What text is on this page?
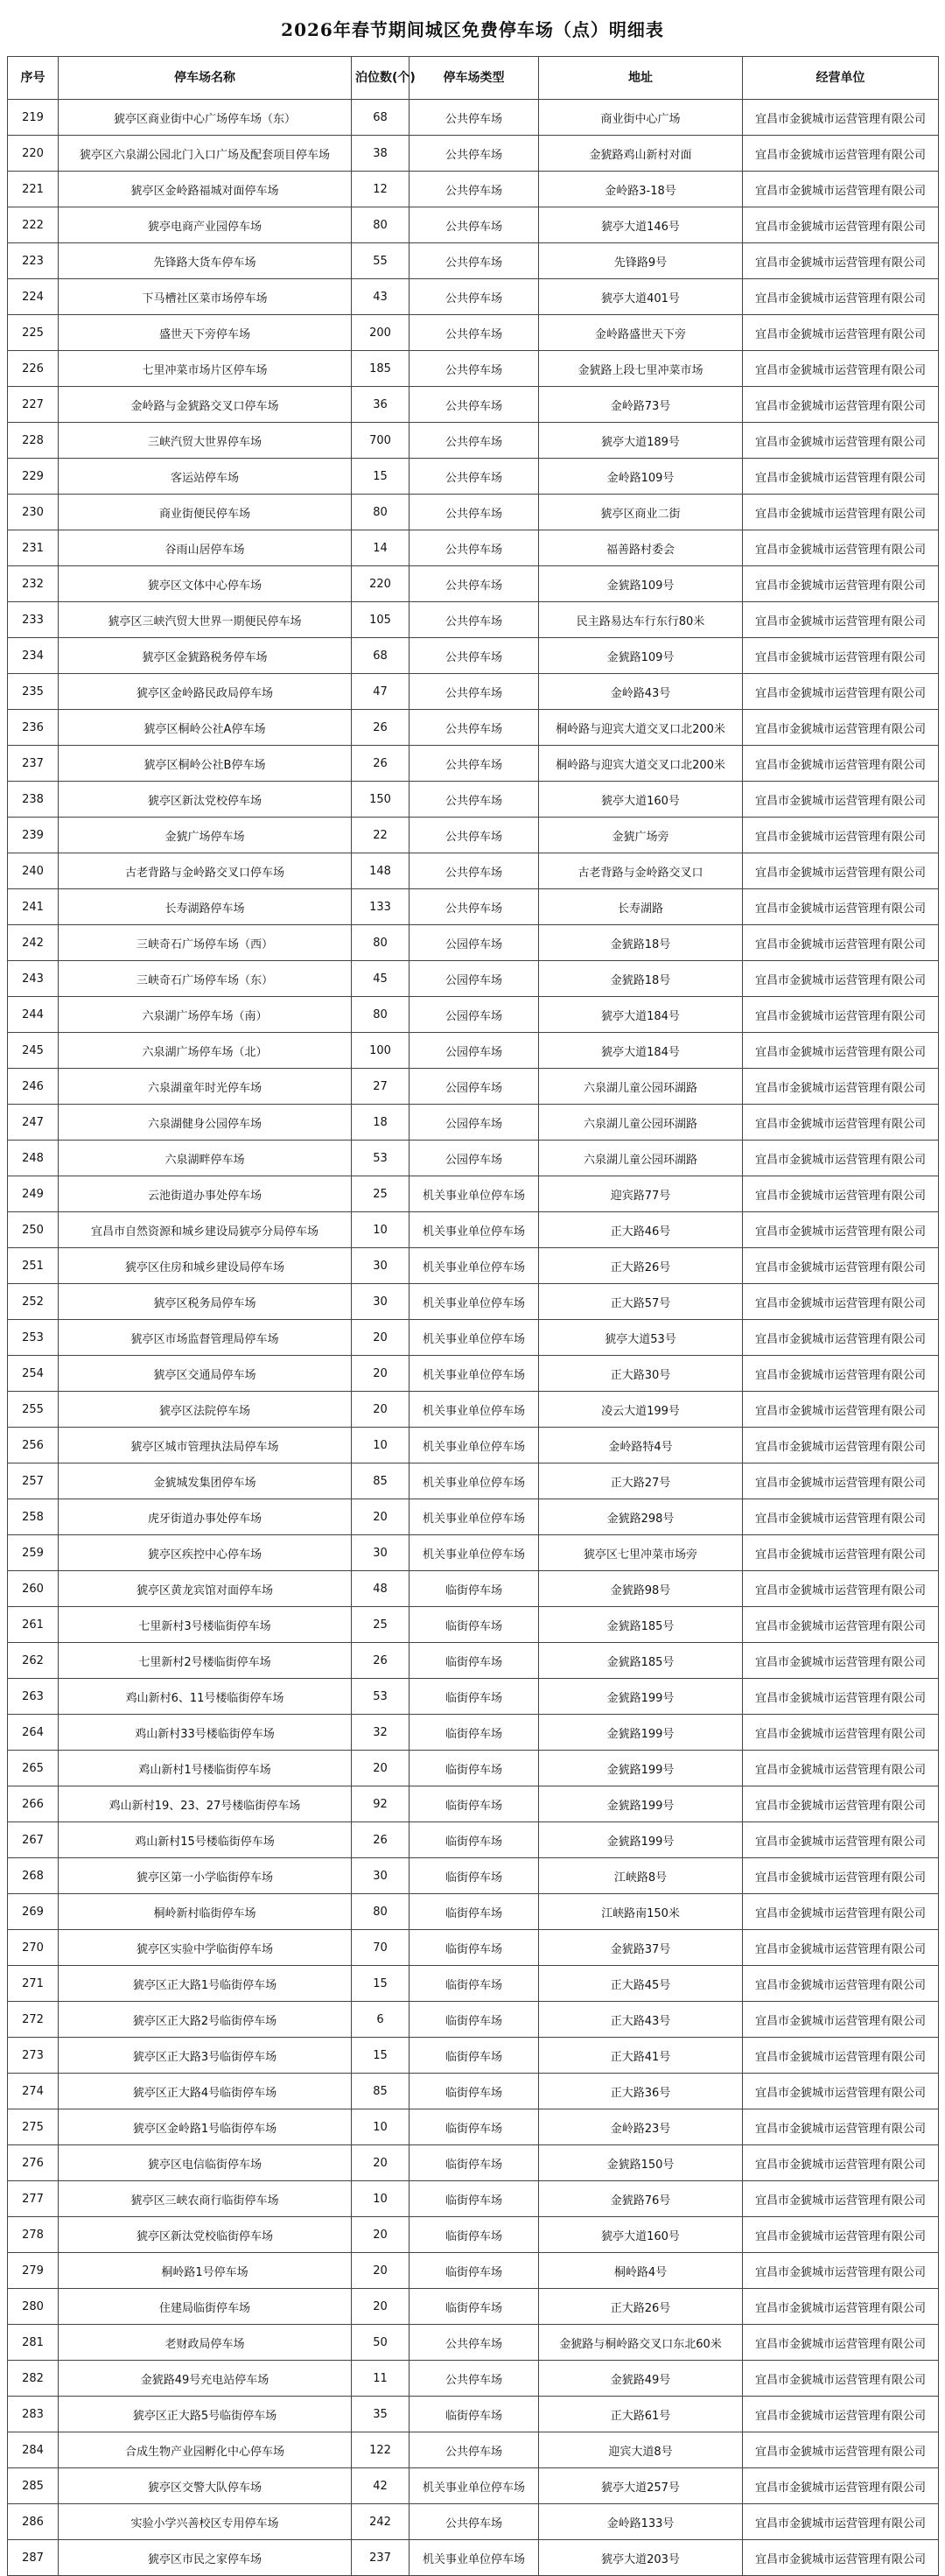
2026年春节期间城区免费停车场（点）明细表
序号	停车场名称	泊位数(个)	停车场类型	地址	经营单位
219	猇亭区商业街中心广场停车场（东）	68	公共停车场	商业街中心广场	宜昌市金猇城市运营管理有限公司
220	猇亭区六泉湖公园北门入口广场及配套项目停车场	38	公共停车场	金猇路鸡山新村对面	宜昌市金猇城市运营管理有限公司
221	猇亭区金岭路福城对面停车场	12	公共停车场	金岭路3-18号	宜昌市金猇城市运营管理有限公司
222	猇亭电商产业园停车场	80	公共停车场	猇亭大道146号	宜昌市金猇城市运营管理有限公司
223	先锋路大货车停车场	55	公共停车场	先锋路9号	宜昌市金猇城市运营管理有限公司
224	下马槽社区菜市场停车场	43	公共停车场	猇亭大道401号	宜昌市金猇城市运营管理有限公司
225	盛世天下旁停车场	200	公共停车场	金岭路盛世天下旁	宜昌市金猇城市运营管理有限公司
226	七里冲菜市场片区停车场	185	公共停车场	金猇路上段七里冲菜市场	宜昌市金猇城市运营管理有限公司
227	金岭路与金猇路交叉口停车场	36	公共停车场	金岭路73号	宜昌市金猇城市运营管理有限公司
228	三峡汽贸大世界停车场	700	公共停车场	猇亭大道189号	宜昌市金猇城市运营管理有限公司
229	客运站停车场	15	公共停车场	金岭路109号	宜昌市金猇城市运营管理有限公司
230	商业街便民停车场	80	公共停车场	猇亭区商业二街	宜昌市金猇城市运营管理有限公司
231	谷雨山居停车场	14	公共停车场	福善路村委会	宜昌市金猇城市运营管理有限公司
232	猇亭区文体中心停车场	220	公共停车场	金猇路109号	宜昌市金猇城市运营管理有限公司
233	猇亭区三峡汽贸大世界一期便民停车场	105	公共停车场	民主路易达车行东行80米	宜昌市金猇城市运营管理有限公司
234	猇亭区金猇路税务停车场	68	公共停车场	金猇路109号	宜昌市金猇城市运营管理有限公司
235	猇亭区金岭路民政局停车场	47	公共停车场	金岭路43号	宜昌市金猇城市运营管理有限公司
236	猇亭区桐岭公社A停车场	26	公共停车场	桐岭路与迎宾大道交叉口北200米	宜昌市金猇城市运营管理有限公司
237	猇亭区桐岭公社B停车场	26	公共停车场	桐岭路与迎宾大道交叉口北200米	宜昌市金猇城市运营管理有限公司
238	猇亭区新汰党校停车场	150	公共停车场	猇亭大道160号	宜昌市金猇城市运营管理有限公司
239	金猇广场停车场	22	公共停车场	金猇广场旁	宜昌市金猇城市运营管理有限公司
240	古老背路与金岭路交叉口停车场	148	公共停车场	古老背路与金岭路交叉口	宜昌市金猇城市运营管理有限公司
241	长寿湖路停车场	133	公共停车场	长寿湖路	宜昌市金猇城市运营管理有限公司
242	三峡奇石广场停车场（西）	80	公园停车场	金猇路18号	宜昌市金猇城市运营管理有限公司
243	三峡奇石广场停车场（东）	45	公园停车场	金猇路18号	宜昌市金猇城市运营管理有限公司
244	六泉湖广场停车场（南）	80	公园停车场	猇亭大道184号	宜昌市金猇城市运营管理有限公司
245	六泉湖广场停车场（北）	100	公园停车场	猇亭大道184号	宜昌市金猇城市运营管理有限公司
246	六泉湖童年时光停车场	27	公园停车场	六泉湖儿童公园环湖路	宜昌市金猇城市运营管理有限公司
247	六泉湖健身公园停车场	18	公园停车场	六泉湖儿童公园环湖路	宜昌市金猇城市运营管理有限公司
248	六泉湖畔停车场	53	公园停车场	六泉湖儿童公园环湖路	宜昌市金猇城市运营管理有限公司
249	云池街道办事处停车场	25	机关事业单位停车场	迎宾路77号	宜昌市金猇城市运营管理有限公司
250	宜昌市自然资源和城乡建设局猇亭分局停车场	10	机关事业单位停车场	正大路46号	宜昌市金猇城市运营管理有限公司
251	猇亭区住房和城乡建设局停车场	30	机关事业单位停车场	正大路26号	宜昌市金猇城市运营管理有限公司
252	猇亭区税务局停车场	30	机关事业单位停车场	正大路57号	宜昌市金猇城市运营管理有限公司
253	猇亭区市场监督管理局停车场	20	机关事业单位停车场	猇亭大道53号	宜昌市金猇城市运营管理有限公司
254	猇亭区交通局停车场	20	机关事业单位停车场	正大路30号	宜昌市金猇城市运营管理有限公司
255	猇亭区法院停车场	20	机关事业单位停车场	凌云大道199号	宜昌市金猇城市运营管理有限公司
256	猇亭区城市管理执法局停车场	10	机关事业单位停车场	金岭路特4号	宜昌市金猇城市运营管理有限公司
257	金猇城发集团停车场	85	机关事业单位停车场	正大路27号	宜昌市金猇城市运营管理有限公司
258	虎牙街道办事处停车场	20	机关事业单位停车场	金猇路298号	宜昌市金猇城市运营管理有限公司
259	猇亭区疾控中心停车场	30	机关事业单位停车场	猇亭区七里冲菜市场旁	宜昌市金猇城市运营管理有限公司
260	猇亭区黄龙宾馆对面停车场	48	临街停车场	金猇路98号	宜昌市金猇城市运营管理有限公司
261	七里新村3号楼临街停车场	25	临街停车场	金猇路185号	宜昌市金猇城市运营管理有限公司
262	七里新村2号楼临街停车场	26	临街停车场	金猇路185号	宜昌市金猇城市运营管理有限公司
263	鸡山新村6、11号楼临街停车场	53	临街停车场	金猇路199号	宜昌市金猇城市运营管理有限公司
264	鸡山新村33号楼临街停车场	32	临街停车场	金猇路199号	宜昌市金猇城市运营管理有限公司
265	鸡山新村1号楼临街停车场	20	临街停车场	金猇路199号	宜昌市金猇城市运营管理有限公司
266	鸡山新村19、23、27号楼临街停车场	92	临街停车场	金猇路199号	宜昌市金猇城市运营管理有限公司
267	鸡山新村15号楼临街停车场	26	临街停车场	金猇路199号	宜昌市金猇城市运营管理有限公司
268	猇亭区第一小学临街停车场	30	临街停车场	江峡路8号	宜昌市金猇城市运营管理有限公司
269	桐岭新村临街停车场	80	临街停车场	江峡路南150米	宜昌市金猇城市运营管理有限公司
270	猇亭区实验中学临街停车场	70	临街停车场	金猇路37号	宜昌市金猇城市运营管理有限公司
271	猇亭区正大路1号临街停车场	15	临街停车场	正大路45号	宜昌市金猇城市运营管理有限公司
272	猇亭区正大路2号临街停车场	6	临街停车场	正大路43号	宜昌市金猇城市运营管理有限公司
273	猇亭区正大路3号临街停车场	15	临街停车场	正大路41号	宜昌市金猇城市运营管理有限公司
274	猇亭区正大路4号临街停车场	85	临街停车场	正大路36号	宜昌市金猇城市运营管理有限公司
275	猇亭区金岭路1号临街停车场	10	临街停车场	金岭路23号	宜昌市金猇城市运营管理有限公司
276	猇亭区电信临街停车场	20	临街停车场	金猇路150号	宜昌市金猇城市运营管理有限公司
277	猇亭区三峡农商行临街停车场	10	临街停车场	金猇路76号	宜昌市金猇城市运营管理有限公司
278	猇亭区新汰党校临街停车场	20	临街停车场	猇亭大道160号	宜昌市金猇城市运营管理有限公司
279	桐岭路1号停车场	20	临街停车场	桐岭路4号	宜昌市金猇城市运营管理有限公司
280	住建局临街停车场	20	临街停车场	正大路26号	宜昌市金猇城市运营管理有限公司
281	老财政局停车场	50	公共停车场	金猇路与桐岭路交叉口东北60米	宜昌市金猇城市运营管理有限公司
282	金猇路49号充电站停车场	11	公共停车场	金猇路49号	宜昌市金猇城市运营管理有限公司
283	猇亭区正大路5号临街停车场	35	临街停车场	正大路61号	宜昌市金猇城市运营管理有限公司
284	合成生物产业园孵化中心停车场	122	公共停车场	迎宾大道8号	宜昌市金猇城市运营管理有限公司
285	猇亭区交警大队停车场	42	机关事业单位停车场	猇亭大道257号	宜昌市金猇城市运营管理有限公司
286	实验小学兴善校区专用停车场	242	公共停车场	金岭路133号	宜昌市金猇城市运营管理有限公司
287	猇亭区市民之家停车场	237	机关事业单位停车场	猇亭大道203号	宜昌市金猇城市运营管理有限公司
